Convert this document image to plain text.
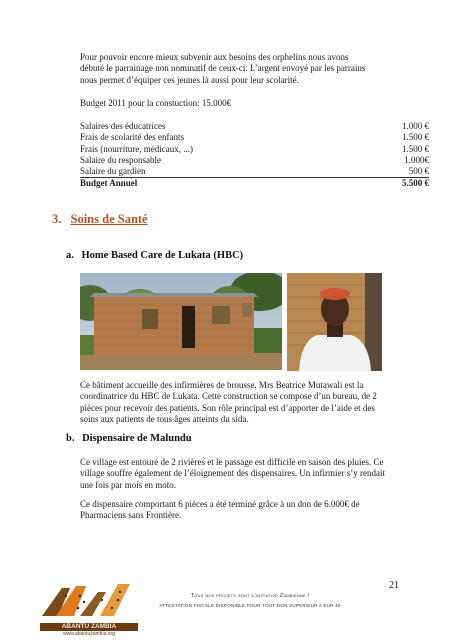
Pour pouvoir encore mieux subvenir aux besoins des orphelins nous avons
débuté le parrainage non nominatif de ceux-ci. L’argent envoyé par les parrains
nous permet d’équiper ces jeunes là aussi pour leur scolarité.
Budget 2011 pour la constuction: 15.000€
Salaires des éducatrices	1.000 €
Frais de scolarité des enfants	1.500 €
Frais (nourriture, médicaux, ...)	1.500 €
Salaire du responsable	1.000€
Salaire du gardien	500 €
Budget Annuel	5.500 €
3. Soins de Santé
a. Home Based Care de Lukata (HBC)
Ce bâtiment accueille des infirmières de brousse. Mrs Beatrice Mutawali est la
coordinatrice du HBC de Lukata. Cette construction se compose d’un bureau, de 2
pièces pour recevoir des patients. Son rôle principal est d’apporter de l’aide et des
soins aux patients de tous âges atteints du sida.
b. Dispensaire de Malundu
Ce village est entouré de 2 rivières et le passage est difficile en saison des pluies. Ce
village souffre également de l’éloignement des dispensaires. Un infirmier s’y rendait
une fois par mois en moto.
Ce dispensaire comportant 6 pièces a été terminé grâce à un don de 6.000€ de
Pharmaciens sans Frontière.
21
ABANTU ZAMBIA
www.abantuzambia.org
Tous nos projets sont d’initiative Zambienne !
ATTESTATION FISCALE DISPONIBLE POUR TOUT DON SUPERIEUR A EUR 40
